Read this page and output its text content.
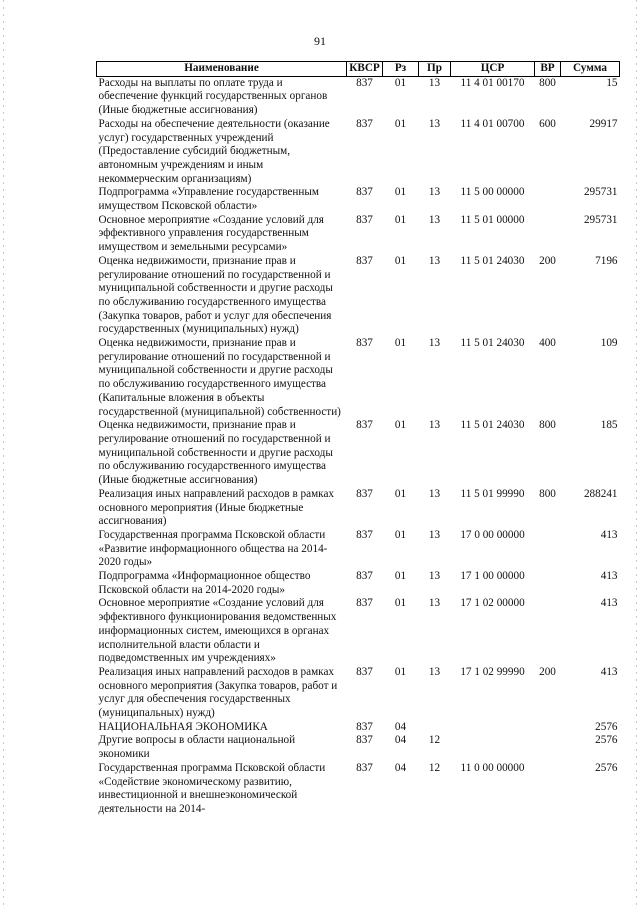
91
Наименование	КВСР	Рз	Пр	ЦСР	ВР	Сумма
Расходы на выплаты по оплате труда и обеспечение функций государственных органов (Иные бюджетные ассигнования)	837	01	13	11 4 01 00170	800	15
Расходы на обеспечение деятельности (оказание услуг) государственных учреждений (Предоставление субсидий бюджетным, автономным учреждениям и иным некоммерческим организациям)	837	01	13	11 4 01 00700	600	29917
Подпрограмма «Управление государственным имуществом Псковской области»	837	01	13	11 5 00 00000		295731
Основное мероприятие «Создание условий для эффективного управления государственным имуществом и земельными ресурсами»	837	01	13	11 5 01 00000		295731
Оценка недвижимости, признание прав и регулирование отношений по государственной и муниципальной собственности и другие расходы по обслуживанию государственного имущества (Закупка товаров, работ и услуг для обеспечения государственных (муниципальных) нужд)	837	01	13	11 5 01 24030	200	7196
Оценка недвижимости, признание прав и регулирование отношений по государственной и муниципальной собственности и другие расходы по обслуживанию государственного имущества (Капитальные вложения в объекты государственной (муниципальной) собственности)	837	01	13	11 5 01 24030	400	109
Оценка недвижимости, признание прав и регулирование отношений по государственной и муниципальной собственности и другие расходы по обслуживанию государственного имущества (Иные бюджетные ассигнования)	837	01	13	11 5 01 24030	800	185
Реализация иных направлений расходов в рамках основного мероприятия (Иные бюджетные ассигнования)	837	01	13	11 5 01 99990	800	288241
Государственная программа Псковской области «Развитие информационного общества на 2014-2020 годы»	837	01	13	17 0 00 00000		413
Подпрограмма «Информационное общество Псковской области на 2014-2020 годы»	837	01	13	17 1 00 00000		413
Основное мероприятие «Создание условий для эффективного функционирования ведомственных информационных систем, имеющихся в органах исполнительной власти области и подведомственных им учреждениях»	837	01	13	17 1 02 00000		413
Реализация иных направлений расходов в рамках основного мероприятия (Закупка товаров, работ и услуг для обеспечения государственных (муниципальных) нужд)	837	01	13	17 1 02 99990	200	413
НАЦИОНАЛЬНАЯ ЭКОНОМИКА	837	04				2576
Другие вопросы в области национальной экономики	837	04	12			2576
Государственная программа Псковской области «Содействие экономическому развитию, инвестиционной и внешнеэкономической деятельности на 2014-	837	04	12	11 0 00 00000		2576
